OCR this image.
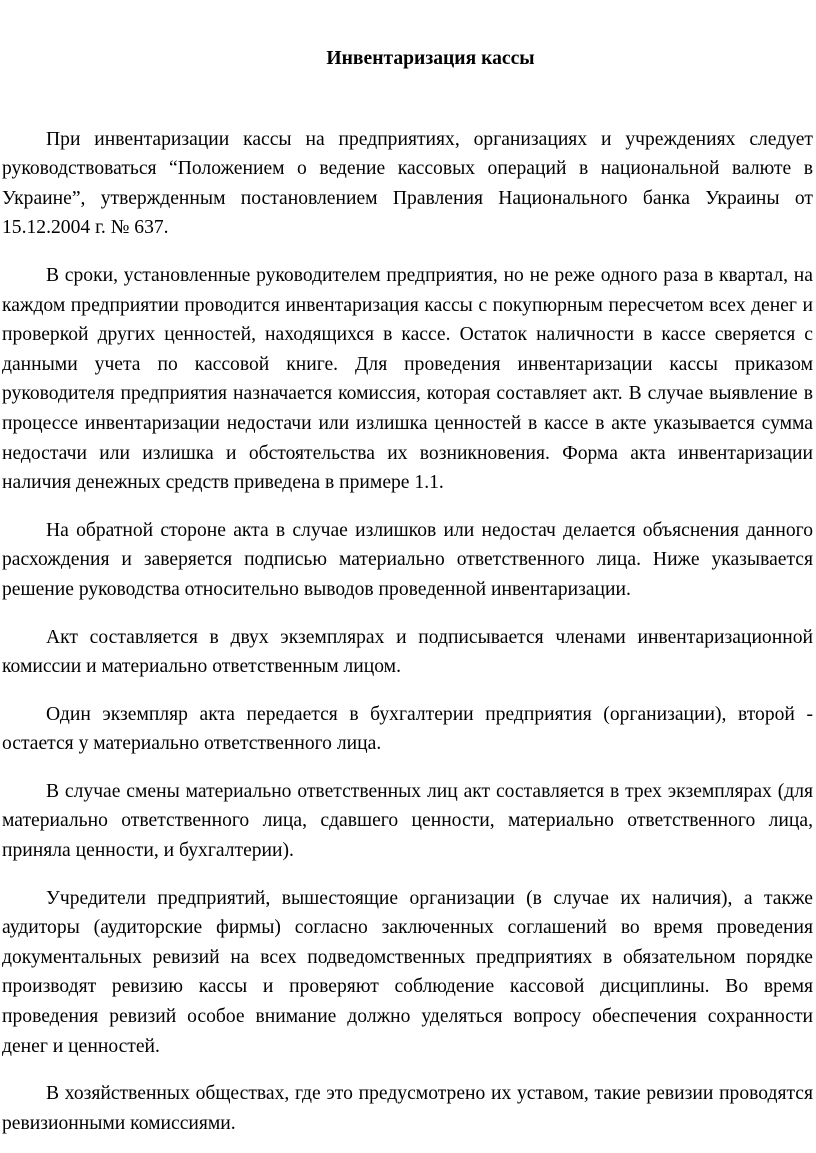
Инвентаризация кассы

При инвентаризации кассы на предприятиях, организациях и учреждениях следует руководствоваться “Положением о ведение кассовых операций в национальной валюте в Украине”, утвержденным постановлением Правления Национального банка Украины от 15.12.2004 г. № 637.

В сроки, установленные руководителем предприятия, но не реже одного раза в квартал, на каждом предприятии проводится инвентаризация кассы с покупюрным пересчетом всех денег и проверкой других ценностей, находящихся в кассе. Остаток наличности в кассе сверяется с данными учета по кассовой книге. Для проведения инвентаризации кассы приказом руководителя предприятия назначается комиссия, которая составляет акт. В случае выявление в процессе инвентаризации недостачи или излишка ценностей в кассе в акте указывается сумма недостачи или излишка и обстоятельства их возникновения. Форма акта инвентаризации наличия денежных средств приведена в примере 1.1.

На обратной стороне акта в случае излишков или недостач делается объяснения данного расхождения и заверяется подписью материально ответственного лица. Ниже указывается решение руководства относительно выводов проведенной инвентаризации.

Акт составляется в двух экземплярах и подписывается членами инвентаризационной комиссии и материально ответственным лицом.

Один экземпляр акта передается в бухгалтерии предприятия (организации), второй - остается у материально ответственного лица.

В случае смены материально ответственных лиц акт составляется в трех экземплярах (для материально ответственного лица, сдавшего ценности, материально ответственного лица, приняла ценности, и бухгалтерии).

Учредители предприятий, вышестоящие организации (в случае их наличия), а также аудиторы (аудиторские фирмы) согласно заключенных соглашений во время проведения документальных ревизий на всех подведомственных предприятиях в обязательном порядке производят ревизию кассы и проверяют соблюдение кассовой дисциплины. Во время проведения ревизий особое внимание должно уделяться вопросу обеспечения сохранности денег и ценностей.

В хозяйственных обществах, где это предусмотрено их уставом, такие ревизии проводятся ревизионными комиссиями.
